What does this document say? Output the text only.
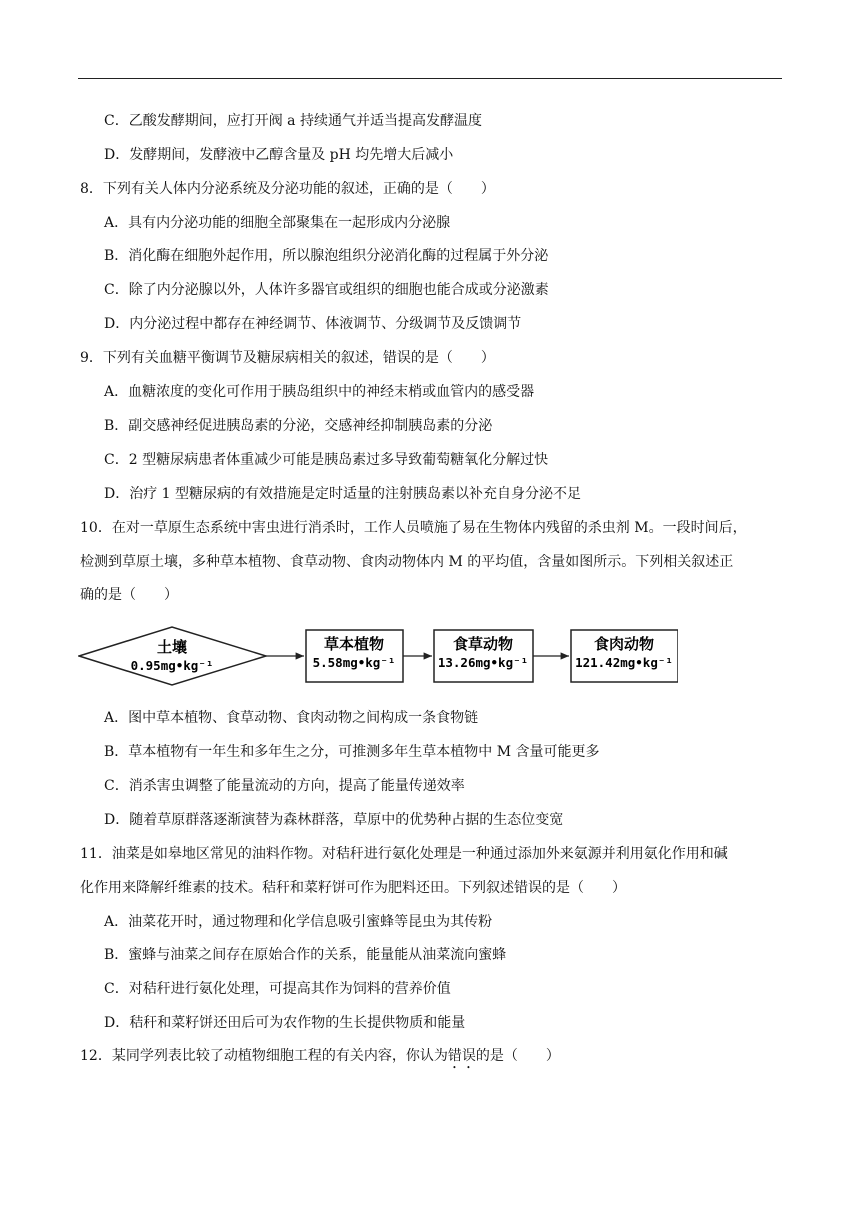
C．乙酸发酵期间，应打开阀 a 持续通气并适当提高发酵温度
D．发酵期间，发酵液中乙醇含量及 pH 均先增大后减小
8．下列有关人体内分泌系统及分泌功能的叙述，正确的是（　　）
A．具有内分泌功能的细胞全部聚集在一起形成内分泌腺
B．消化酶在细胞外起作用，所以腺泡组织分泌消化酶的过程属于外分泌
C．除了内分泌腺以外，人体许多器官或组织的细胞也能合成或分泌激素
D．内分泌过程中都存在神经调节、体液调节、分级调节及反馈调节
9．下列有关血糖平衡调节及糖尿病相关的叙述，错误的是（　　）
A．血糖浓度的变化可作用于胰岛组织中的神经末梢或血管内的感受器
B．副交感神经促进胰岛素的分泌，交感神经抑制胰岛素的分泌
C．2 型糖尿病患者体重减少可能是胰岛素过多导致葡萄糖氧化分解过快
D．治疗 1 型糖尿病的有效措施是定时适量的注射胰岛素以补充自身分泌不足
10．在对一草原生态系统中害虫进行消杀时，工作人员喷施了易在生物体内残留的杀虫剂 M。一段时间后，
检测到草原土壤，多种草本植物、食草动物、食肉动物体内 M 的平均值，含量如图所示。下列相关叙述正
确的是（　　）
土壤
0.95mg•kg⁻¹
草本植物
5.58mg•kg⁻¹
食草动物
13.26mg•kg⁻¹
食肉动物
121.42mg•kg⁻¹
A．图中草本植物、食草动物、食肉动物之间构成一条食物链
B．草本植物有一年生和多年生之分，可推测多年生草本植物中 M 含量可能更多
C．消杀害虫调整了能量流动的方向，提高了能量传递效率
D．随着草原群落逐渐演替为森林群落，草原中的优势种占据的生态位变宽
11．油菜是如皋地区常见的油料作物。对秸秆进行氨化处理是一种通过添加外来氨源并利用氨化作用和碱
化作用来降解纤维素的技术。秸秆和菜籽饼可作为肥料还田。下列叙述错误的是（　　）
A．油菜花开时，通过物理和化学信息吸引蜜蜂等昆虫为其传粉
B．蜜蜂与油菜之间存在原始合作的关系，能量能从油菜流向蜜蜂
C．对秸秆进行氨化处理，可提高其作为饲料的营养价值
D．秸秆和菜籽饼还田后可为农作物的生长提供物质和能量
12．某同学列表比较了动植物细胞工程的有关内容，你认为错误的是（　　）
